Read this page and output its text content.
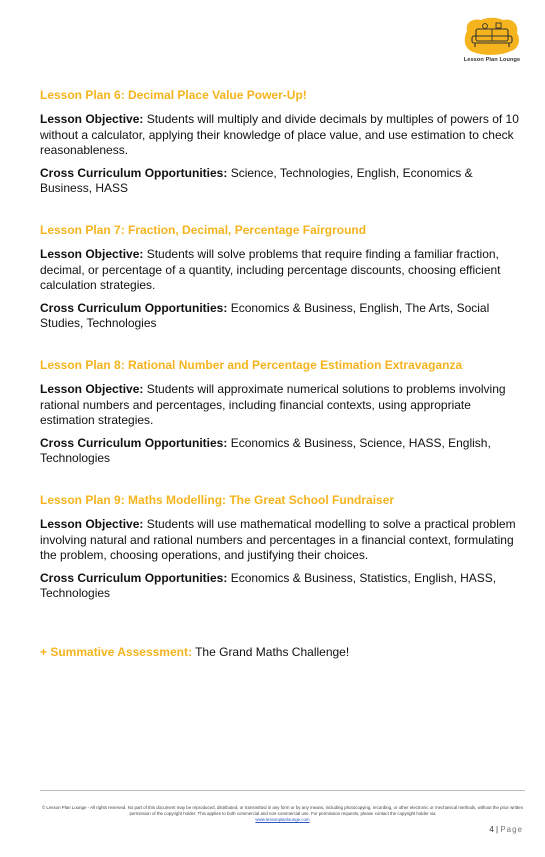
Lesson Plan Lounge
Lesson Plan 6: Decimal Place Value Power-Up!

Lesson Objective: Students will multiply and divide decimals by multiples of powers of 10 without a calculator, applying their knowledge of place value, and use estimation to check reasonableness.

Cross Curriculum Opportunities: Science, Technologies, English, Economics & Business, HASS

Lesson Plan 7: Fraction, Decimal, Percentage Fairground

Lesson Objective: Students will solve problems that require finding a familiar fraction, decimal, or percentage of a quantity, including percentage discounts, choosing efficient calculation strategies.

Cross Curriculum Opportunities: Economics & Business, English, The Arts, Social Studies, Technologies

Lesson Plan 8: Rational Number and Percentage Estimation Extravaganza

Lesson Objective: Students will approximate numerical solutions to problems involving rational numbers and percentages, including financial contexts, using appropriate estimation strategies.

Cross Curriculum Opportunities: Economics & Business, Science, HASS, English, Technologies

Lesson Plan 9: Maths Modelling: The Great School Fundraiser

Lesson Objective: Students will use mathematical modelling to solve a practical problem involving natural and rational numbers and percentages in a financial context, formulating the problem, choosing operations, and justifying their choices.

Cross Curriculum Opportunities: Economics & Business, Statistics, English, HASS, Technologies

+ Summative Assessment: The Grand Maths Challenge!
© Lesson Plan Lounge - All rights reserved. No part of this document may be reproduced, distributed, or transmitted in any form or by any means, including photocopying, recording, or other electronic or mechanical methods, without the prior written permission of the copyright holder. This applies to both commercial and non-commercial use. For permission requests, please contact the copyright holder via
www.lessonplanlounge.com
4 | Page
